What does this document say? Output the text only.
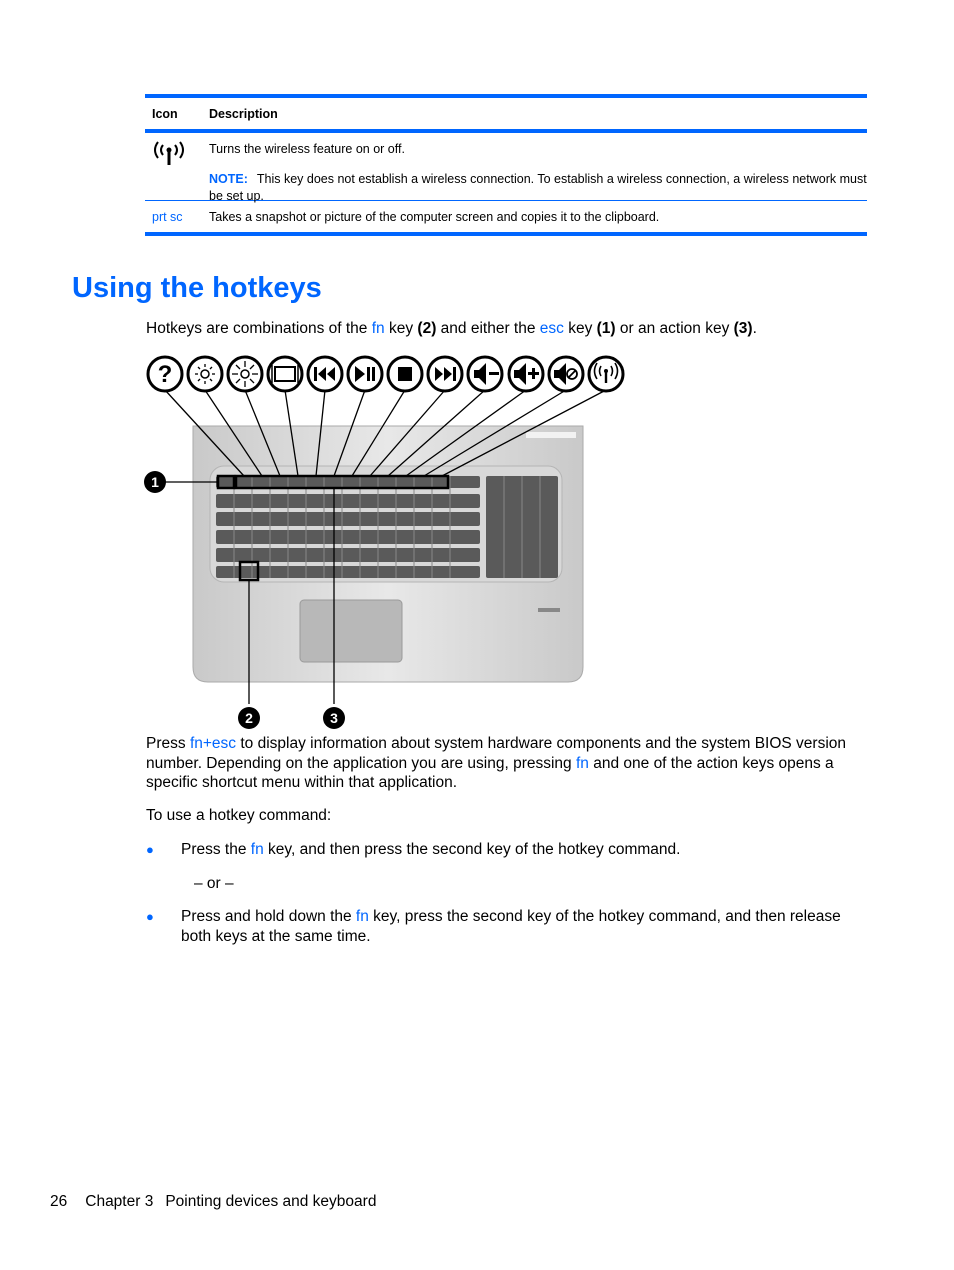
Icon	Description
Turns the wireless feature on or off.
NOTE: This key does not establish a wireless connection. To establish a wireless connection, a wireless network must be set up.
prt sc	Takes a snapshot or picture of the computer screen and copies it to the clipboard.
Using the hotkeys

Hotkeys are combinations of the fn key (2) and either the esc key (1) or an action key (3).

?
1
2	3

Press fn+esc to display information about system hardware components and the system BIOS version number. Depending on the application you are using, pressing fn and one of the action keys opens a specific shortcut menu within that application.

To use a hotkey command:

● Press the fn key, and then press the second key of the hotkey command.

– or –

● Press and hold down the fn key, press the second key of the hotkey command, and then release both keys at the same time.
26 Chapter 3 Pointing devices and keyboard
